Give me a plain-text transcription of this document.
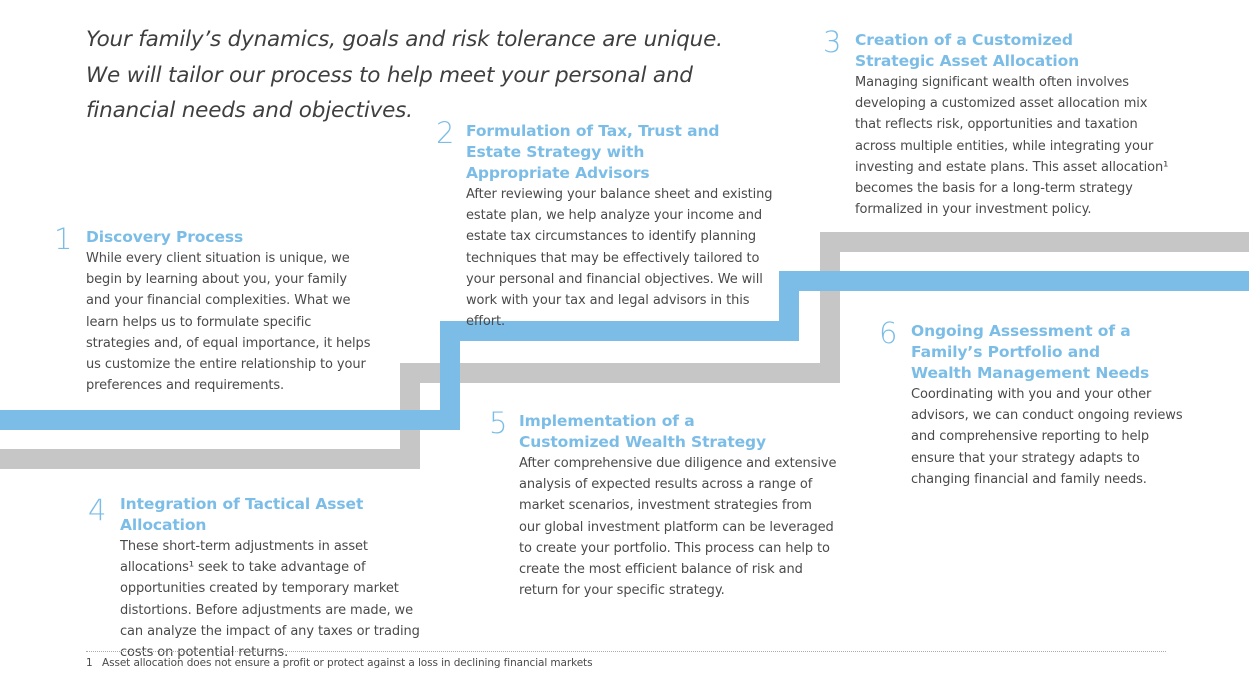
Your family’s dynamics, goals and risk tolerance are unique. We will tailor our process to help meet your personal and financial needs and objectives.

1 Discovery Process

While every client situation is unique, we begin by learning about you, your family and your financial complexities. What we learn helps us to formulate specific strategies and, of equal importance, it helps us customize the entire relationship to your preferences and requirements.

2 Formulation of Tax, Trust and Estate Strategy with Appropriate Advisors

After reviewing your balance sheet and existing estate plan, we help analyze your income and estate tax circumstances to identify planning techniques that may be effectively tailored to your personal and financial objectives. We will work with your tax and legal advisors in this effort.

3 Creation of a Customized Strategic Asset Allocation

Managing significant wealth often involves developing a customized asset allocation mix that reflects risk, opportunities and taxation across multiple entities, while integrating your investing and estate plans. This asset allocation¹ becomes the basis for a long-term strategy formalized in your investment policy.

4 Integration of Tactical Asset Allocation

These short-term adjustments in asset allocations¹ seek to take advantage of opportunities created by temporary market distortions. Before adjustments are made, we can analyze the impact of any taxes or trading costs on potential returns.

5 Implementation of a Customized Wealth Strategy

After comprehensive due diligence and extensive analysis of expected results across a range of market scenarios, investment strategies from our global investment platform can be leveraged to create your portfolio. This process can help to create the most efficient balance of risk and return for your specific strategy.

6 Ongoing Assessment of a Family’s Portfolio and Wealth Management Needs

Coordinating with you and your other advisors, we can conduct ongoing reviews and comprehensive reporting to help ensure that your strategy adapts to changing financial and family needs.

1 Asset allocation does not ensure a profit or protect against a loss in declining financial markets
